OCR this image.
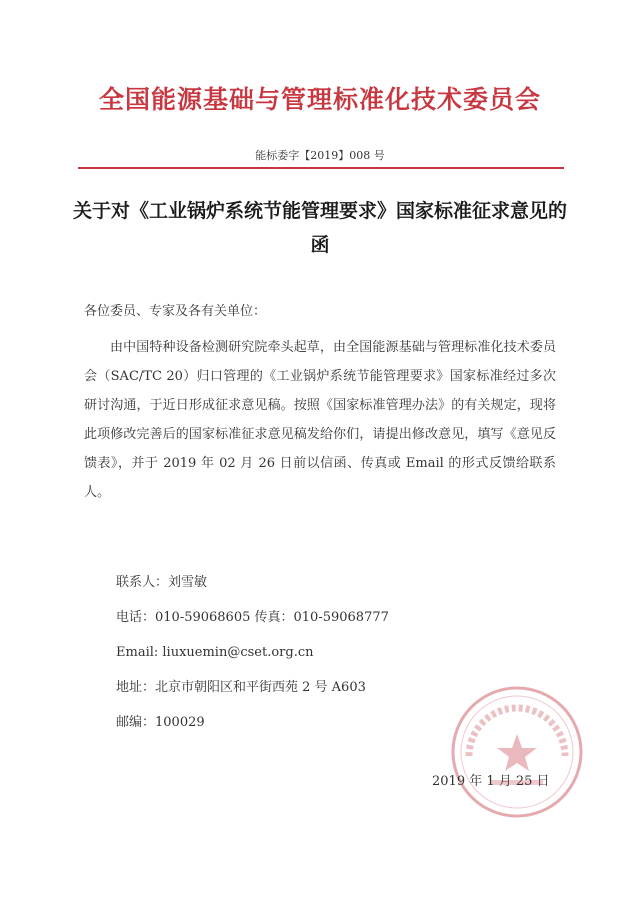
全国能源基础与管理标准化技术委员会
能标委字【2019】008 号
关于对《工业锅炉系统节能管理要求》国家标准征求意见的函
各位委员、专家及各有关单位：
由中国特种设备检测研究院牵头起草，由全国能源基础与管理标准化技术委员会（SAC/TC 20）归口管理的《工业锅炉系统节能管理要求》国家标准经过多次研讨沟通，于近日形成征求意见稿。按照《国家标准管理办法》的有关规定，现将此项修改完善后的国家标准征求意见稿发给你们，请提出修改意见，填写《意见反馈表》，并于 2019 年 02 月 26 日前以信函、传真或 Email 的形式反馈给联系人。
联系人：刘雪敏
电话：010-59068605 传真：010-59068777
Email: liuxuemin@cset.org.cn
地址：北京市朝阳区和平街西苑 2 号 A603
邮编：100029
2019 年 1 月 25 日
